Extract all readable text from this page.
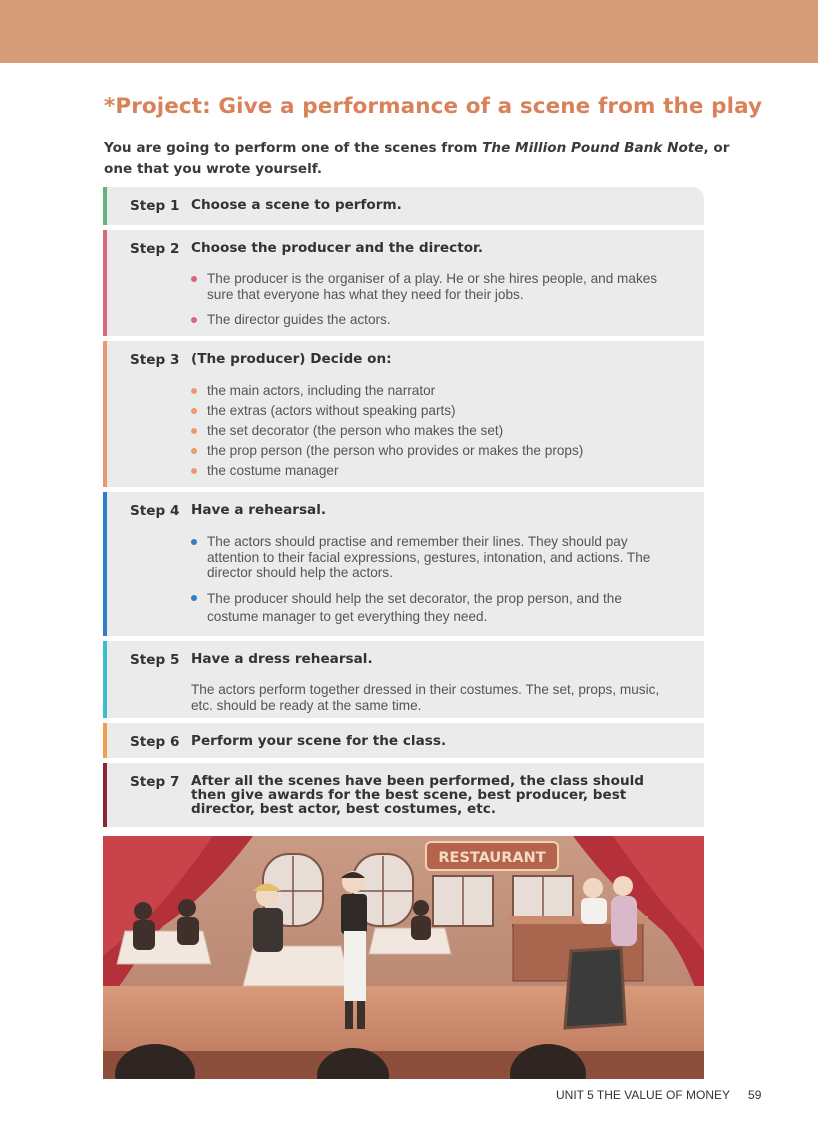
*Project: Give a performance of a scene from the play

You are going to perform one of the scenes from The Million Pound Bank Note, or one that you wrote yourself.

Step 1 Choose a scene to perform.
Step 2 Choose the producer and the director.
The producer is the organiser of a play. He or she hires people, and makes sure that everyone has what they need for their jobs.
The director guides the actors.
Step 3 (The producer) Decide on:
the main actors, including the narrator
the extras (actors without speaking parts)
the set decorator (the person who makes the set)
the prop person (the person who provides or makes the props)
the costume manager
Step 4 Have a rehearsal.
The actors should practise and remember their lines. They should pay attention to their facial expressions, gestures, intonation, and actions. The director should help the actors.
The producer should help the set decorator, the prop person, and the costume manager to get everything they need.
Step 5 Have a dress rehearsal.

The actors perform together dressed in their costumes. The set, props, music, etc. should be ready at the same time.

Step 6 Perform your scene for the class.
Step 7 After all the scenes have been performed, the class should then give awards for the best scene, best producer, best director, best actor, best costumes, etc.
RESTAURANT
UNIT 5 THE VALUE OF MONEY 59
